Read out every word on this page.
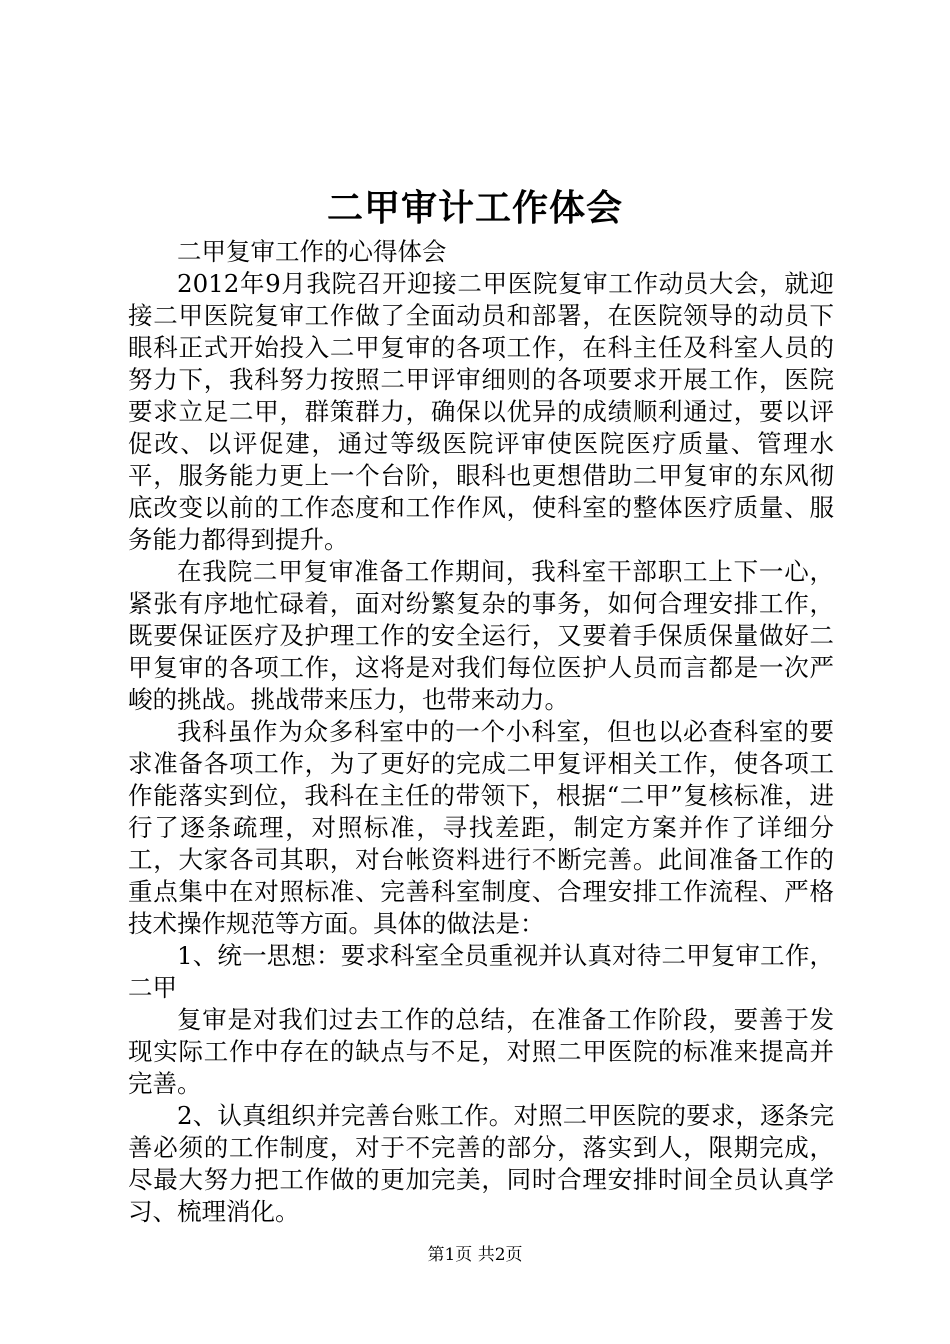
二甲审计工作体会

二甲复审工作的心得体会

2012年9月我院召开迎接二甲医院复审工作动员大会，就迎接二甲医院复审工作做了全面动员和部署，在医院领导的动员下眼科正式开始投入二甲复审的各项工作，在科主任及科室人员的努力下，我科努力按照二甲评审细则的各项要求开展工作，医院要求立足二甲，群策群力，确保以优异的成绩顺利通过，要以评促改、以评促建，通过等级医院评审使医院医疗质量、管理水平，服务能力更上一个台阶，眼科也更想借助二甲复审的东风彻底改变以前的工作态度和工作作风，使科室的整体医疗质量、服务能力都得到提升。

在我院二甲复审准备工作期间，我科室干部职工上下一心，紧张有序地忙碌着，面对纷繁复杂的事务，如何合理安排工作，既要保证医疗及护理工作的安全运行，又要着手保质保量做好二甲复审的各项工作，这将是对我们每位医护人员而言都是一次严峻的挑战。挑战带来压力，也带来动力。

我科虽作为众多科室中的一个小科室，但也以必查科室的要求准备各项工作，为了更好的完成二甲复评相关工作，使各项工作能落实到位，我科在主任的带领下，根据“二甲”复核标准，进行了逐条疏理，对照标准，寻找差距，制定方案并作了详细分工，大家各司其职，对台帐资料进行不断完善。此间准备工作的重点集中在对照标准、完善科室制度、合理安排工作流程、严格技术操作规范等方面。具体的做法是：

1、统一思想：要求科室全员重视并认真对待二甲复审工作，二甲

复审是对我们过去工作的总结，在准备工作阶段，要善于发现实际工作中存在的缺点与不足，对照二甲医院的标准来提高并完善。

2、认真组织并完善台账工作。对照二甲医院的要求，逐条完善必须的工作制度，对于不完善的部分，落实到人，限期完成，尽最大努力把工作做的更加完美，同时合理安排时间全员认真学习、梳理消化。

第1页 共2页
